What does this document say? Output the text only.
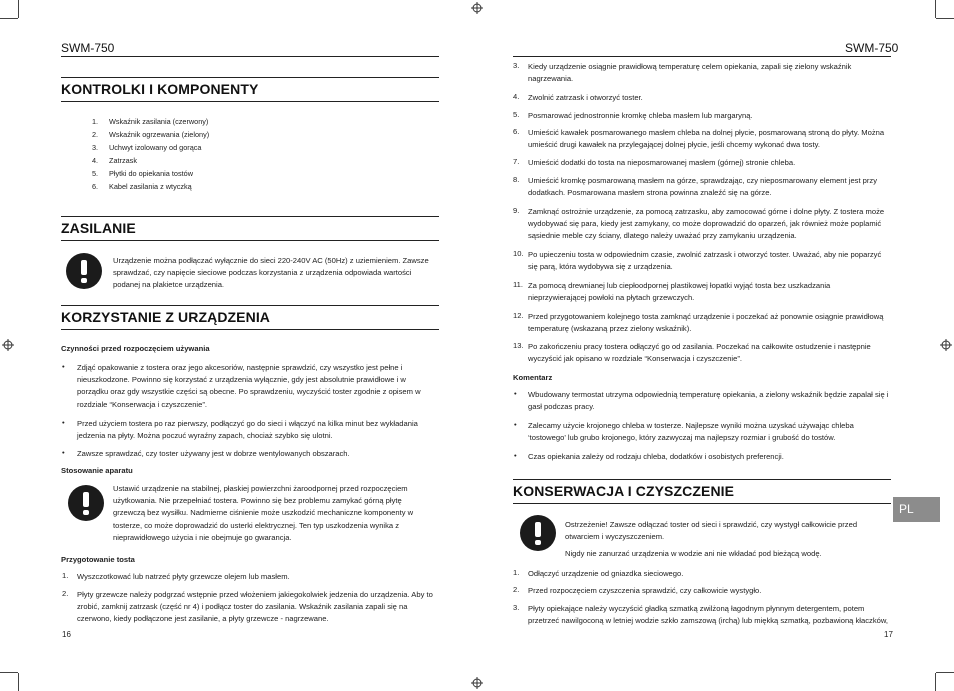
SWM-750
KONTROLKI I KOMPONENTY
1. Wskaźnik zasilania (czerwony)
2. Wskaźnik ogrzewania (zielony)
3. Uchwyt izolowany od gorąca
4. Zatrzask
5. Płytki do opiekania tostów
6. Kabel zasilania z wtyczką
ZASILANIE
Urządzenie można podłączać wyłącznie do sieci 220-240V AC (50Hz) z uziemieniem. Zawsze sprawdzać, czy napięcie sieciowe podczas korzystania z urządzenia odpowiada wartości podanej na plakietce urządzenia.
KORZYSTANIE Z URZĄDZENIA
Czynności przed rozpoczęciem używania
• Zdjąć opakowanie z tostera oraz jego akcesoriów, następnie sprawdzić, czy wszystko jest pełne i nieuszkodzone. Powinno się korzystać z urządzenia wyłącznie, gdy jest absolutnie prawidłowe i w porządku oraz gdy wszystkie części są obecne. Po sprawdzeniu, wyczyścić toster zgodnie z opisem w rozdziale “Konserwacja i czyszczenie”.
• Przed użyciem tostera po raz pierwszy, podłączyć go do sieci i włączyć na kilka minut bez wykładania jedzenia na płyty. Można poczuć wyraźny zapach, chociaż szybko się ulotni.
• Zawsze sprawdzać, czy toster używany jest w dobrze wentylowanych obszarach.
Stosowanie aparatu
Ustawić urządzenie na stabilnej, płaskiej powierzchni żaroodpornej przed rozpoczęciem użytkowania. Nie przepełniać tostera. Powinno się bez problemu zamykać górną płytę grzewczą bez wysiłku. Nadmierne ciśnienie może uszkodzić mechaniczne komponenty w tosterze, co może doprowadzić do usterki elektrycznej. Ten typ uszkodzenia wynika z nieprawidłowego użycia i nie obejmuje go gwarancja.
Przygotowanie tosta
1. Wyszczotkować lub natrzeć płyty grzewcze olejem lub masłem.
2. Płyty grzewcze należy podgrzać wstępnie przed włożeniem jakiegokolwiek jedzenia do urządzenia. Aby to zrobić, zamknij zatrzask (część nr 4) i podłącz toster do zasilania. Wskaźnik zasilania zapali się na czerwono, kiedy podłączone jest zasilanie, a płyty grzewcze - nagrzewane.
16
SWM-750
3. Kiedy urządzenie osiągnie prawidłową temperaturę celem opiekania, zapali się zielony wskaźnik nagrzewania.
4. Zwolnić zatrzask i otworzyć toster.
5. Posmarować jednostronnie kromkę chleba masłem lub margaryną.
6. Umieścić kawałek posmarowanego masłem chleba na dolnej płycie, posmarowaną stroną do płyty. Można umieścić drugi kawałek na przylegającej dolnej płycie, jeśli chcemy wykonać dwa tosty.
7. Umieścić dodatki do tosta na nieposmarowanej masłem (górnej) stronie chleba.
8. Umieścić kromkę posmarowaną masłem na górze, sprawdzając, czy nieposmarowany element jest przy dodatkach. Posmarowana masłem strona powinna znaleźć się na górze.
9. Zamknąć ostrożnie urządzenie, za pomocą zatrzasku, aby zamocować górne i dolne płyty. Z tostera może wydobywać się para, kiedy jest zamykany, co może doprowadzić do oparzeń, jak również może poplamić sąsiednie meble czy ściany, dlatego należy uważać przy zamykaniu urządzenia.
10. Po upieczeniu tosta w odpowiednim czasie, zwolnić zatrzask i otworzyć toster. Uważać, aby nie poparzyć się parą, która wydobywa się z urządzenia.
11. Za pomocą drewnianej lub ciepłoodpornej plastikowej łopatki wyjąć tosta bez uszkadzania nieprzywierającej powłoki na płytach grzewczych.
12. Przed przygotowaniem kolejnego tosta zamknąć urządzenie i poczekać aż ponownie osiągnie prawidłową temperaturę (wskazaną przez zielony wskaźnik).
13. Po zakończeniu pracy tostera odłączyć go od zasilania. Poczekać na całkowite ostudzenie i następnie wyczyścić jak opisano w rozdziale “Konserwacja i czyszczenie”.
Komentarz
• Wbudowany termostat utrzyma odpowiednią temperaturę opiekania, a zielony wskaźnik będzie zapalał się i gasł podczas pracy.
• Zalecamy użycie krojonego chleba w tosterze. Najlepsze wyniki można uzyskać używając chleba ‘tostowego’ lub grubo krojonego, który zazwyczaj ma najlepszy rozmiar i grubość do tostów.
• Czas opiekania zależy od rodzaju chleba, dodatków i osobistych preferencji.
KONSERWACJA I CZYSZCZENIE
PL
Ostrzeżenie! Zawsze odłączać toster od sieci i sprawdzić, czy wystygł całkowicie przed otwarciem i wyczyszczeniem.
Nigdy nie zanurzać urządzenia w wodzie ani nie wkładać pod bieżącą wodę.
1. Odłączyć urządzenie od gniazdka sieciowego.
2. Przed rozpoczęciem czyszczenia sprawdzić, czy całkowicie wystygło.
3. Płyty opiekające należy wyczyścić gładką szmatką zwilżoną łagodnym płynnym detergentem, potem przetrzeć nawilgoconą w letniej wodzie szkło zamszową (irchą) lub miękką szmatką, pozbawioną kłaczków,
17
